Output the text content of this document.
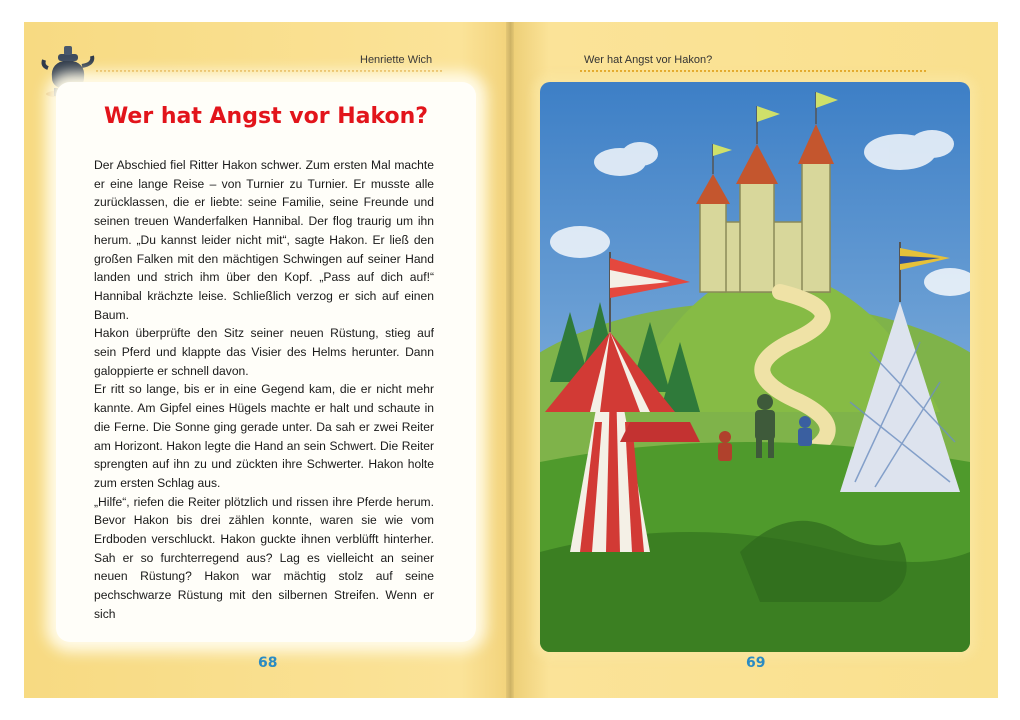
Henriette Wich
Wer hat Angst vor Hakon?

Der Abschied fiel Ritter Hakon schwer. Zum ersten Mal machte er eine lange Reise – von Turnier zu Turnier. Er musste alle zurücklassen, die er liebte: seine Familie, seine Freunde und seinen treuen Wanderfalken Hannibal. Der flog traurig um ihn herum. „Du kannst leider nicht mit“, sagte Hakon. Er ließ den großen Falken mit den mächtigen Schwingen auf seiner Hand landen und strich ihm über den Kopf. „Pass auf dich auf!“ Hannibal krächzte leise. Schließlich verzog er sich auf einen Baum.

Hakon überprüfte den Sitz seiner neuen Rüstung, stieg auf sein Pferd und klappte das Visier des Helms herunter. Dann galoppierte er schnell davon.

Er ritt so lange, bis er in eine Gegend kam, die er nicht mehr kannte. Am Gipfel eines Hügels machte er halt und schaute in die Ferne. Die Sonne ging gerade unter. Da sah er zwei Reiter am Horizont. Hakon legte die Hand an sein Schwert. Die Reiter sprengten auf ihn zu und zückten ihre Schwerter. Hakon holte zum ersten Schlag aus.

„Hilfe“, riefen die Reiter plötzlich und rissen ihre Pferde herum. Bevor Hakon bis drei zählen konnte, waren sie wie vom Erdboden verschluckt. Hakon guckte ihnen verblüfft hinterher. Sah er so furchterregend aus? Lag es vielleicht an seiner neuen Rüstung? Hakon war mächtig stolz auf seine pechschwarze Rüstung mit den silbernen Streifen. Wenn er sich

68
Wer hat Angst vor Hakon?
69
